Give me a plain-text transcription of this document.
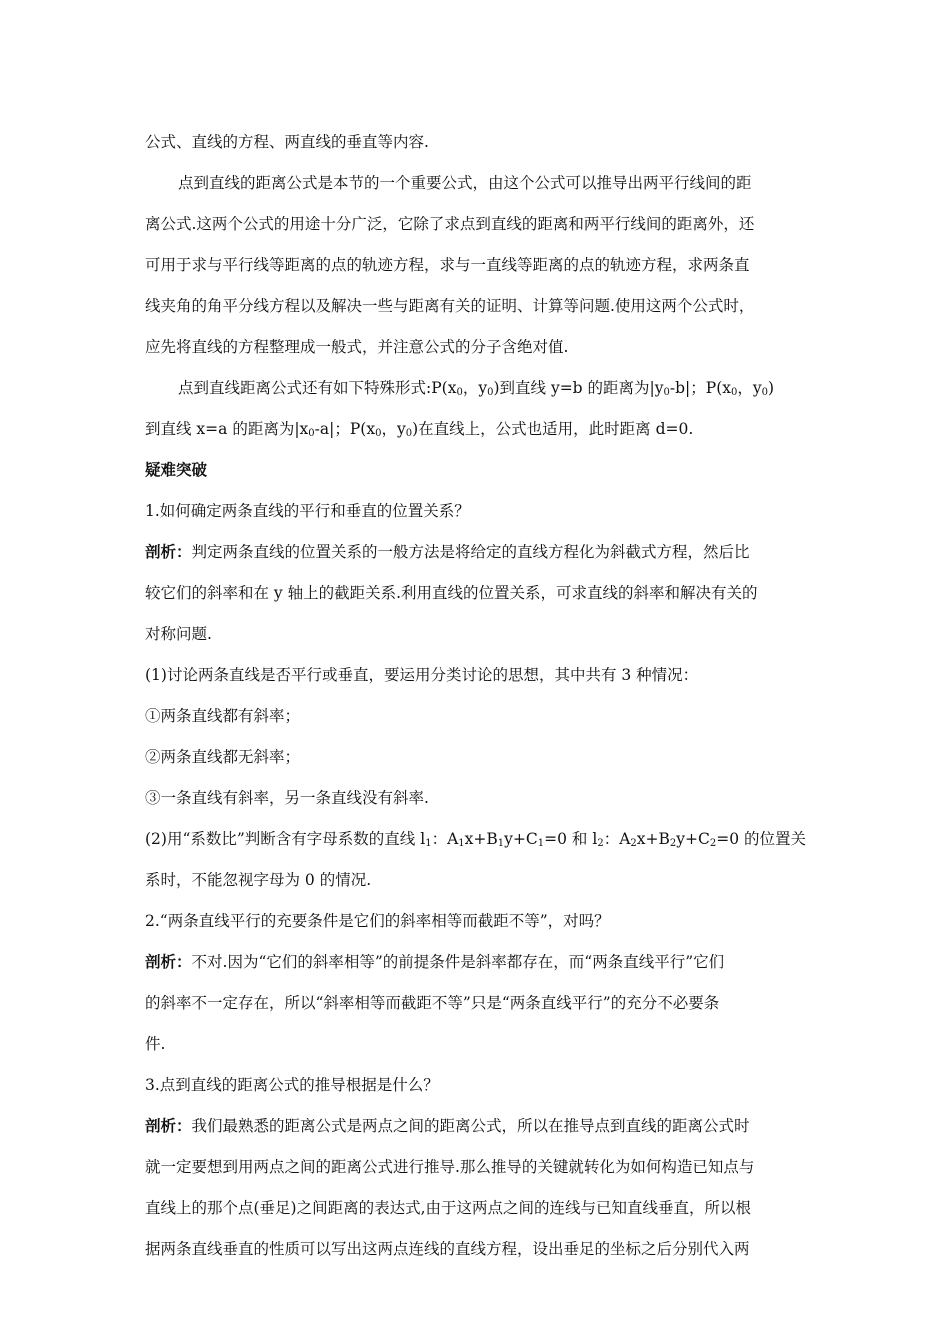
公式、直线的方程、两直线的垂直等内容.
点到直线的距离公式是本节的一个重要公式，由这个公式可以推导出两平行线间的距
离公式.这两个公式的用途十分广泛，它除了求点到直线的距离和两平行线间的距离外，还
可用于求与平行线等距离的点的轨迹方程，求与一直线等距离的点的轨迹方程，求两条直
线夹角的角平分线方程以及解决一些与距离有关的证明、计算等问题.使用这两个公式时，
应先将直线的方程整理成一般式，并注意公式的分子含绝对值.
点到直线距离公式还有如下特殊形式$:P(x_0$，$y_0$)到直线 y=b 的距离为$|y_0-b|$；$P(x_0$，$y_0$)
到直线 x=a 的距离为$|x_0-a|$；$P(x_0$，$y_0$)在直线上，公式也适用，此时距离 d=0.
疑难突破
1.如何确定两条直线的平行和垂直的位置关系？
剖析：判定两条直线的位置关系的一般方法是将给定的直线方程化为斜截式方程，然后比
较它们的斜率和在 y 轴上的截距关系.利用直线的位置关系，可求直线的斜率和解决有关的
对称问题.
(1)讨论两条直线是否平行或垂直，要运用分类讨论的思想，其中共有 3 种情况：
①两条直线都有斜率；
②两条直线都无斜率；
③一条直线有斜率，另一条直线没有斜率.
(2)用“系数比”判断含有字母系数的直线 $l_1$：$A_1x+B_1y+C_1=0$ 和 $l_2$：$A_2x+B_2y+C_2=0$ 的位置关
系时，不能忽视字母为 0 的情况.
2.“两条直线平行的充要条件是它们的斜率相等而截距不等”，对吗？
剖析：不对.因为“它们的斜率相等”的前提条件是斜率都存在，而“两条直线平行”它们
的斜率不一定存在，所以“斜率相等而截距不等”只是“两条直线平行”的充分不必要条
件.
3.点到直线的距离公式的推导根据是什么？
剖析：我们最熟悉的距离公式是两点之间的距离公式，所以在推导点到直线的距离公式时
就一定要想到用两点之间的距离公式进行推导.那么推导的关键就转化为如何构造已知点与
直线上的那个点(垂足)之间距离的表达式,由于这两点之间的连线与已知直线垂直，所以根
据两条直线垂直的性质可以写出这两点连线的直线方程，设出垂足的坐标之后分别代入两
